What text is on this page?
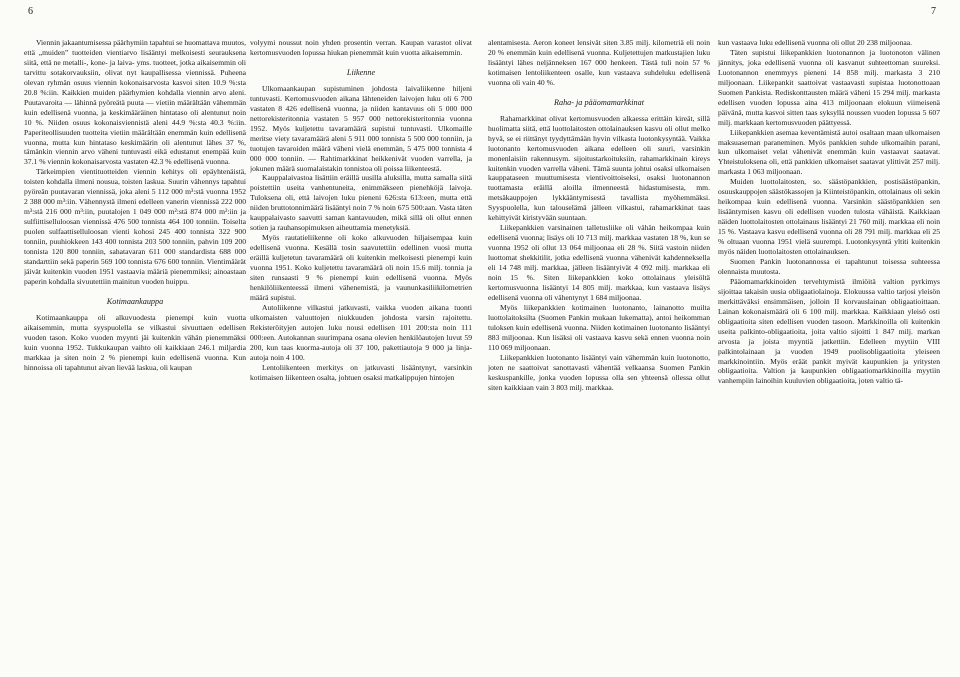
6	7

Viennin jakaantumisessa päärhymiin tapahtui se huomattava muutos, että „muiden” tuotteiden vientiarvo lisääntyi melkoisesti seurauksena siitä, että ne metalli-, kone- ja laiva- yms. tuotteet, jotka aikaisemmin oli tarvittu sotakorvauksiin, olivat nyt kaupallisessa viennissä. Puheena olevan ryhmän osuus viennin kokonaisarvosta kasvoi siten 10.9 %:sta 20.8 %:iin. Kaikkien muiden päärhymien kohdalla viennin arvo aleni. Puutavaroita — lähinnä pyöreätä puuta — vietiin määrältään vähemmän kuin edellisenä vuonna, ja keskimääräinen hintataso oli alentunut noin 10 %. Niiden osuus kokonaisviennistä aleni 44.9 %:sta 40.3 %:iin. Paperiteollisuuden tuotteita vietiin määrältään enemmän kuin edellisenä vuonna, mutta kun hintataso keskimäärin oli alentunut lähes 37 %, tämänkin viennin arvo väheni tuntuvasti eikä edustanut enempää kuin 37.1 % viennin kokonaisarvosta vastaten 42.3 % edellisenä vuonna.

Tärkeimpien vientituotteiden viennin kehitys oli epäyhtenäistä, toisten kohdalla ilmeni nousua, toisten laskua. Suurin vähennys tapahtui pyöreän puutavaran viennissä, joka aleni 5 112 000 m³:stä vuonna 1952 2 388 000 m³:iin. Vähennystä ilmeni edelleen vanerin viennissä 222 000 m³:stä 216 000 m³:iin, puutalojen 1 049 000 m²:stä 874 000 m²:iin ja sulfiittiselluloosan viennissä 476 500 tonnista 464 100 tonniin. Toiselta puolen sulfaattiselluloosan vienti kohosi 245 400 tonnista 322 900 tonniin, puuhiokkeen 143 400 tonnista 203 500 tonniin, pahvin 109 200 tonnista 120 800 tonniin, sahatavaran 611 000 standardista 688 000 standarttiin sekä paperin 569 100 tonnista 676 600 tonniin. Vientimäärät jäivät kuitenkin vuoden 1951 vastaavia määriä pienemmiksi; ainoastaan paperin kohdalla sivuutettiin mainitun vuoden huippu.

Kotimaankauppa

Kotimaankauppa oli alkuvuodesta pienempi kuin vuotta aikaisemmin, mutta syyspuolella se vilkastui sivuuttaen edellisen vuoden tason. Koko vuoden myynti jäi kuitenkin vähän pienemmäksi kuin vuonna 1952. Tukkukaupan vaihto oli kaikkiaan 246.1 miljardia markkaa ja siten noin 2 % pienempi kuin edellisenä vuonna. Kun hinnoissa oli tapahtunut aivan lievää laskua, oli kaupan

volyymi noussut noin yhden prosentin verran. Kaupan varastot olivat kertomusvuoden lopussa hiukan pienemmät kuin vuotta aikaisemmin.

Liikenne

Ulkomaankaupan supistuminen johdosta laivaliikenne hiljeni tuntuvasti. Kertomusvuoden aikana lähteneiden laivojen luku oli 6 700 vastaten 8 426 edellisenä vuonna, ja niiden kantavuus oli 5 000 000 nettorekisteritonnia vastaten 5 957 000 nettorekisteritonnia vuonna 1952. Myös kuljetettu tavaramäärä supistui tuntuvasti. Ulkomaille meritse viety tavaramäärä aleni 5 911 000 tonnista 5 500 000 tonniin, ja tuotujen tavaroiden määrä väheni vielä enemmän, 5 475 000 tonnista 4 000 000 tonniin. — Rahtimarkkinat heikkenivät vuoden varrella, ja jokunen määrä suomalaistakin tonnistoa oli poissa liikenteestä.

Kauppalaivastoa lisättiin eräillä uusilla aluksilla, mutta samalla siitä poistettiin useita vanhentuneita, enimmäkseen pienehköjä laivoja. Tuloksena oli, että laivojen luku pieneni 626:sta 613:een, mutta että niiden bruttotonnimäärä lisääntyi noin 7 % noin 675 500:aan. Vasta täten kauppalaivasto saavutti saman kantavuuden, mikä sillä oli ollut ennen sotien ja rauhansopimuksen aiheuttamia menetyksiä.

Myös rautatieliikenne oli koko alkuvuoden hiljaisempaa kuin edellisenä vuonna. Kesällä tosin saavutettiin edellinen vuosi mutta eräillä kuljetetun tavaramäärä oli kuitenkin melkoisesti pienempi kuin vuonna 1951. Koko kuljetettu tavaramäärä oli noin 15.6 milj. tonnia ja siten runsaasti 9 % pienempi kuin edellisenä vuonna. Myös henkilöliikenteessä ilmeni vähenemistä, ja vaununkasiliikilometrien määrä supistui.

Autoliikenne vilkastui jatkuvasti, vaikka vuoden aikana tuonti ulkomaisten valuuttojen niukkuuden johdosta varsin rajoitettu. Rekisteröityjen autojen luku nousi edellisen 101 200:sta noin 111 000:een. Autokannan suurimpana osana olevien henkilöautojen luvut 59 200, kun taas kuorma-autoja oli 37 100, pakettiautoja 9 000 ja linja-autoja noin 4 100.

Lentoliikenteen merkitys on jatkuvasti lisääntynyt, varsinkin kotimaisen liikenteen osalta, johtuen osaksi matkalippujen hintojen

alentamisesta. Aeron koneet lensivät siten 3.85 milj. kilometriä eli noin 20 % enemmän kuin edellisenä vuonna. Kuljetettujen matkustajien luku lisääntyi lähes neljänneksen 167 000 henkeen. Tästä tuli noin 57 % kotimaisen lentoliikenteen osalle, kun vastaava suhdeluku edellisenä vuonna oli vain 40 %.

Raha- ja pääomamarkkinat

Rahamarkkinat olivat kertomusvuoden alkaessa erittäin kireät, sillä huolimatta siitä, että luottolaitosten ottolainauksen kasvu oli ollut melko hyvä, se ei riittänyt tyydyttämään hyvin vilkasta luotonkysyntää. Vaikka luotonanto kertomusvuoden aikana edelleen oli suuri, varsinkin monenlaisiin rakennusym. sijoitustarkoituksiin, rahamarkkinain kireys kuitenkin vuoden varrella väheni. Tämä suunta johtui osaksi ulkomaisen kauppataseen muuttumisesta vientivoittoiseksi, osaksi luotonannon tuottamasta eräillä aloilla ilmenneestä hidastumisesta, mm. metsäkauppojen lykkääntymisestä tavallista myöhemmäksi. Syyspuolella, kun talouselämä jälleen vilkastui, rahamarkkinat taas kehittyivät kiristyvään suuntaan.

Liikepankkien varsinainen talletusliike oli vähän heikompaa kuin edellisenä vuonna; lisäys oli 10 713 milj. markkaa vastaten 18 %, kun se vuonna 1952 oli ollut 13 064 miljoonaa eli 28 %. Siitä vastoin niiden luottomat shekkitilit, jotka edellisenä vuonna vähenivät kahdenneksella eli 14 748 milj. markkaa, jälleen lisääntyivät 4 092 milj. markkaa eli noin 15 %. Siten liikepankkien koko ottolainaus yleisöltä kertomusvuonna lisääntyi 14 805 milj. markkaa, kun vastaava lisäys edellisenä vuonna oli vähentynyt 1 684 miljoonaa.

Myös liikepankkien kotimainen luotonanto, lainanotto muilta luottolaitoksilta (Suomen Pankin mukaan lukematta), antoi heikomman tuloksen kuin edellisenä vuonna. Niiden kotimainen luotonanto lisääntyi 883 miljoonaa. Kun lisäksi oli vastaava kasvu sekä ennen vuonna noin 110 069 miljoonaan.

Liikepankkien luotonanto lisääntyi vain vähemmän kuin luotonotto, joten ne saattoivat sanottavasti vähentää velkaansa Suomen Pankin keskuspankille, jonka vuoden lopussa olla sen yhteensä ollessa ollut siten kaikkiaan vain 3 803 milj. markkaa.

kun vastaava luku edellisenä vuonna oli ollut 20 238 miljoonaa.

Täten supistui liikepankkien luotonannon ja luotonoton välinen jännitys, joka edellisenä vuonna oli kasvanut suhteettoman suureksi. Luotonannon enemmyys pieneni 14 858 milj. markasta 3 210 miljoonaan. Liikepankit saattoivat vastaavasti supistaa luotonottoaan Suomen Pankista. Rediskonttausten määrä väheni 15 294 milj. markasta edellisen vuoden lopussa aina 413 miljoonaan elokuun viimeisenä päivänä, mutta kasvoi sitten taas syksyllä noussen vuoden lopussa 5 607 milj. markkaan kertomusvuoden päättyessä.

Liikepankkien asemaa keventämistä autoi osaltaan maan ulkomaisen maksuaseman paraneminen. Myös pankkien suhde ulkomaihin parani, kun ulkomaiset velat vähenivät enemmän kuin vastaavat saatavat. Yhteistuloksena oli, että pankkien ulkomaiset saatavat ylittivät 257 milj. markasta 1 063 miljoonaan.

Muiden luottolaitosten, so. säästöpankkien, postisäästöpankin, osuuskauppojen säästökassojen ja Kiinteistöpankin, ottolainaus oli sekin heikompaa kuin edellisenä vuonna. Varsinkin säästöpankkien sen lisääntymisen kasvu oli edellisen vuoden tulosta vähäistä. Kaikkiaan näiden luottolaitosten ottolainaus lisääntyi 21 760 milj. markkaa eli noin 15 %. Vastaava kasvu edellisenä vuonna oli 28 791 milj. markkaa eli 25 % oltuaan vuonna 1951 vielä suurempi. Luotonkysyntä yltiti kuitenkin myös näiden luottolaitosten ottolainauksen.

Suomen Pankin luotonannossa ei tapahtunut toisessa suhteessa olennaista muutosta.

Pääomamarkkinoiden tervehtymistä ilmiöitä valtion pyrkimys sijoittaa takaisin uusia obligaatiolainoja. Elokuussa valtio tarjosi yleisön merkittäväksi ensimmäisen, jolloin II korvauslainan obligaatioittaan. Lainan kokonaismäärä oli 6 100 milj. markkaa. Kaikkiaan yleisö osti obligaatioita siten edellisen vuoden tasoon. Markkinoilla oli kuitenkin useita palkinto-obligaatioita, joita valtio sijoitti 1 847 milj. markan arvosta ja joista myyntiä jatkettiin. Edelleen myytiin VIII palkintolainaan ja vuoden 1949 puolisobligaatioita yleiseen markkinointiin. Myös eräät pankit myivät kaupunkien ja yritysten obligaatioita. Valtion ja kaupunkien obligaatiomarkkinoilla myytiin vanhempiin lainoihin kuuluvien obligaatioita, joten valtio tä-
